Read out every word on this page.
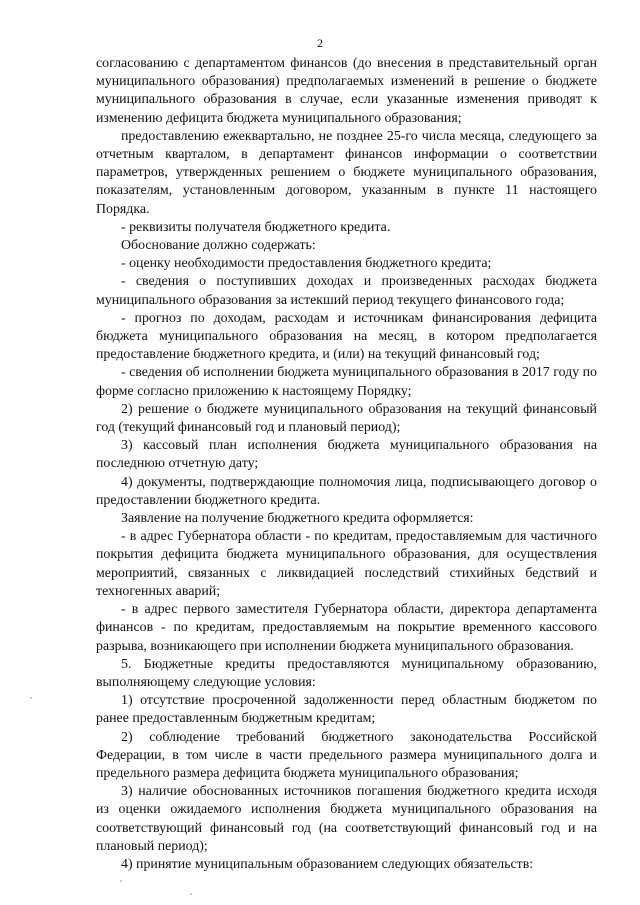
2

согласованию с департаментом финансов (до внесения в представительный орган муниципального образования) предполагаемых изменений в решение о бюджете муниципального образования в случае, если указанные изменения приводят к изменению дефицита бюджета муниципального образования;

предоставлению ежеквартально, не позднее 25-го числа месяца, следующего за отчетным кварталом, в департамент финансов информации о соответствии параметров, утвержденных решением о бюджете муниципального образования, показателям, установленным договором, указанным в пункте 11 настоящего Порядка.

- реквизиты получателя бюджетного кредита.

Обоснование должно содержать:

- оценку необходимости предоставления бюджетного кредита;

- сведения о поступивших доходах и произведенных расходах бюджета муниципального образования за истекший период текущего финансового года;

- прогноз по доходам, расходам и источникам финансирования дефицита бюджета муниципального образования на месяц, в котором предполагается предоставление бюджетного кредита, и (или) на текущий финансовый год;

- сведения об исполнении бюджета муниципального образования в 2017 году по форме согласно приложению к настоящему Порядку;

2) решение о бюджете муниципального образования на текущий финансовый год (текущий финансовый год и плановый период);

3) кассовый план исполнения бюджета муниципального образования на последнюю отчетную дату;

4) документы, подтверждающие полномочия лица, подписывающего договор о предоставлении бюджетного кредита.

Заявление на получение бюджетного кредита оформляется:

- в адрес Губернатора области - по кредитам, предоставляемым для частичного покрытия дефицита бюджета муниципального образования, для осуществления мероприятий, связанных с ликвидацией последствий стихийных бедствий и техногенных аварий;

- в адрес первого заместителя Губернатора области, директора департамента финансов - по кредитам, предоставляемым на покрытие временного кассового разрыва, возникающего при исполнении бюджета муниципального образования.

5. Бюджетные кредиты предоставляются муниципальному образованию, выполняющему следующие условия:

1) отсутствие просроченной задолженности перед областным бюджетом по ранее предоставленным бюджетным кредитам;

2) соблюдение требований бюджетного законодательства Российской Федерации, в том числе в части предельного размера муниципального долга и предельного размера дефицита бюджета муниципального образования;

3) наличие обоснованных источников погашения бюджетного кредита исходя из оценки ожидаемого исполнения бюджета муниципального образования на соответствующий финансовый год (на соответствующий финансовый год и на плановый период);

4) принятие муниципальным образованием следующих обязательств:
